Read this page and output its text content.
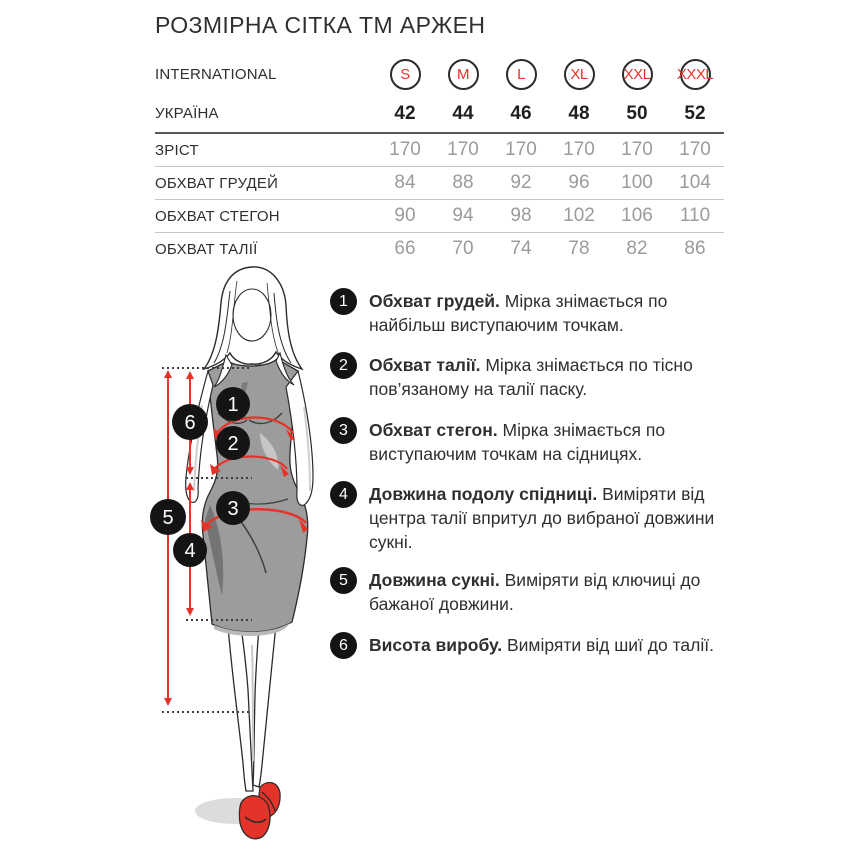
РОЗМІРНА СІТКА ТМ АРЖЕН
INTERNATIONAL	S	M	L	XL	XXL XXXL
УКРАЇНА	42	44	46	48	50	52
ЗРІСТ	170	170	170	170	170	170
ОБХВАТ ГРУДЕЙ	84	88	92	96	100	104
ОБХВАТ СТЕГОН	90	94	98	102	106	110
ОБХВАТ ТАЛІЇ	66	70	74	78	82	86
1
2
3
4
5
6
1	Обхват грудей. Мірка знімається по найбільш виступаючим точкам.

2	Обхват талії. Мірка знімається по тісно пов’язаному на талії паску.

3	Обхват стегон. Мірка знімається по виступаючим точкам на сідницях.

4	Довжина подолу спідниці. Виміряти від центра талії впритул до вибраної довжини сукні.

5	Довжина сукні. Виміряти від ключиці до бажаної довжини.

6	Висота виробу. Виміряти від шиї до талії.
